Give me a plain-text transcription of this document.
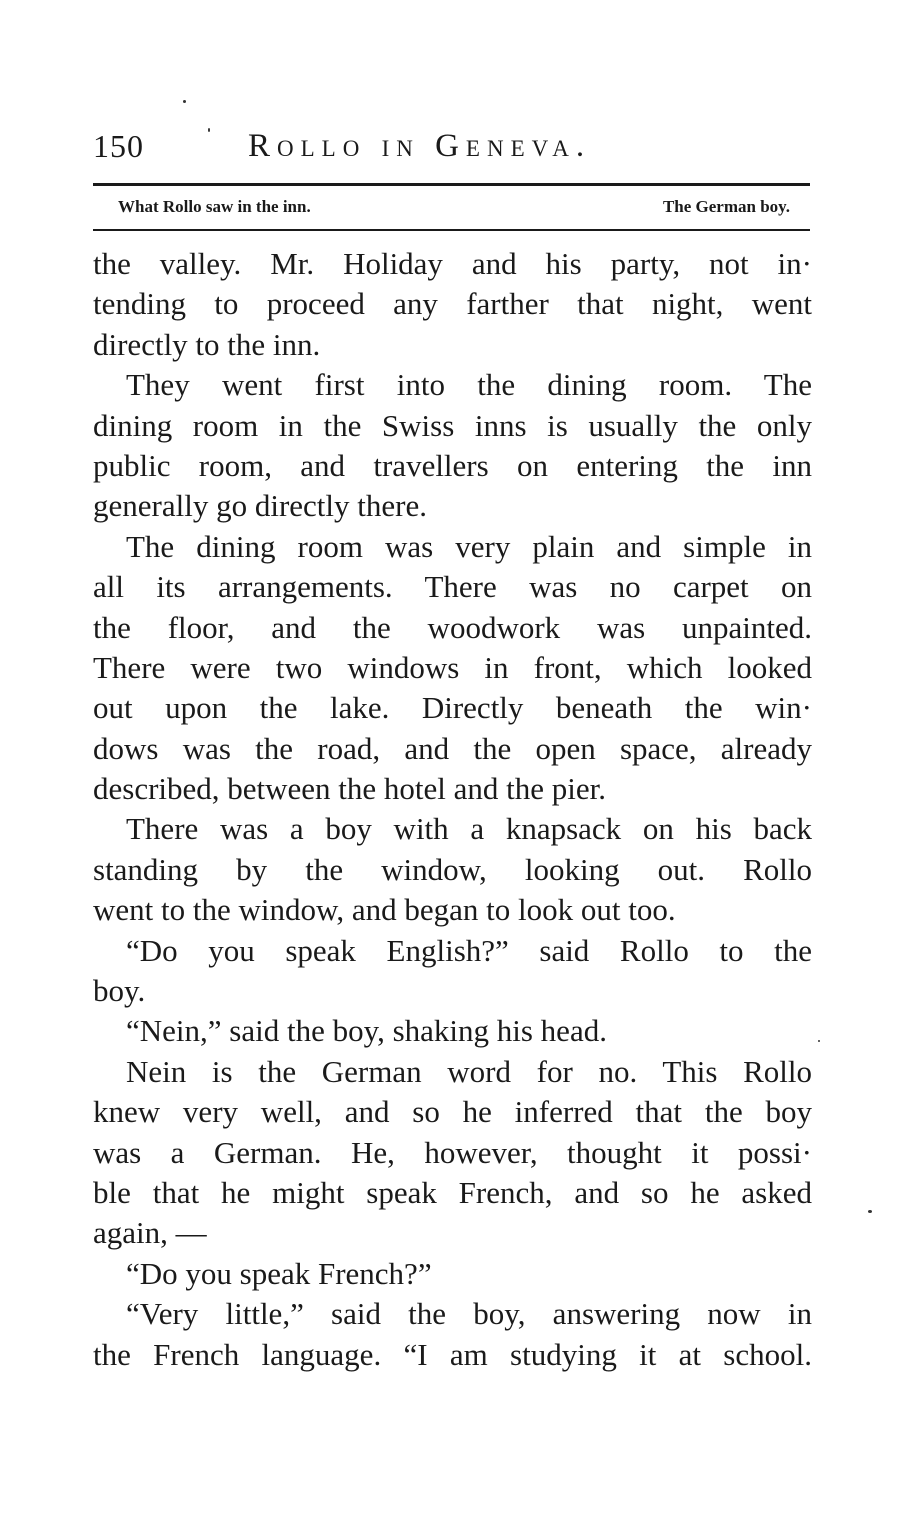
150	Rollo in Geneva.
What Rollo saw in the inn.	The German boy.
the valley. Mr. Holiday and his party, not in·
tending to proceed any farther that night, went
directly to the inn.
They went first into the dining room. The
dining room in the Swiss inns is usually the only
public room, and travellers on entering the inn
generally go directly there.
The dining room was very plain and simple in
all its arrangements. There was no carpet on
the floor, and the woodwork was unpainted.
There were two windows in front, which looked
out upon the lake. Directly beneath the win·
dows was the road, and the open space, already
described, between the hotel and the pier.
There was a boy with a knapsack on his back
standing by the window, looking out. Rollo
went to the window, and began to look out too.
“Do you speak English?” said Rollo to the
boy.
“Nein,” said the boy, shaking his head.
Nein is the German word for no. This Rollo
knew very well, and so he inferred that the boy
was a German. He, however, thought it possi·
ble that he might speak French, and so he asked
again, —
“Do you speak French?”
“Very little,” said the boy, answering now in
the French language. “I am studying it at school.
